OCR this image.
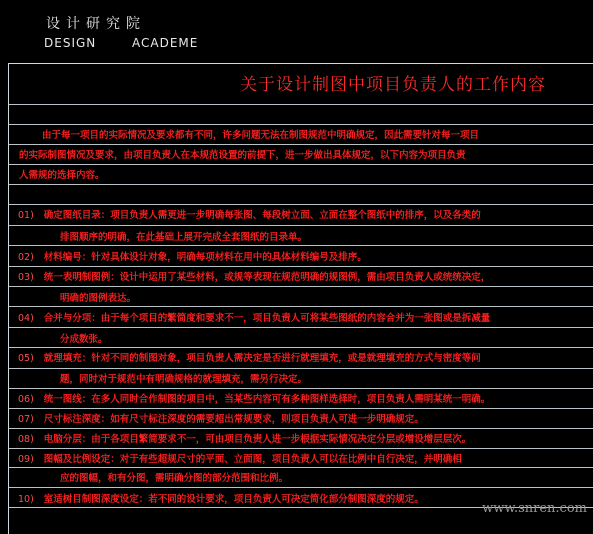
设计研究院
DESIGN	ACADEME
关于设计制图中项目负责人的工作内容
由于每一项目的实际情况及要求都有不同，许多问题无法在制图规范中明确规定，因此需要针对每一项目
的实际制图情况及要求，由项目负责人在本规范设置的前提下，进一步做出具体规定，以下内容为项目负责
人需规的选择内容。
01) 确定图纸目录：项目负责人需更进一步明确每张图、每段树立面、立面在整个图纸中的排序，以及各类的
排图顺序的明确，在此基础上展开完成全套图纸的目录单。
02) 材料编号：针对具体设计对象，明确每项材料在用中的具体材料编号及排序。
03) 统一表明制图例：设计中运用了某些材料，或规等表现在规范明确的规图例，需由项目负责人或统统决定，
明确的图例表达。
04) 合并与分项：由于每个项目的繁简度和要求不一，项目负责人可将某些图纸的内容合并为一张图或是拆减量
分成数张。
05) 就理填充：针对不同的制图对象，项目负责人需决定是否进行就理填充，或是就理填充的方式与密度等问
题，同时对于规范中有明确规格的就理填充，需另行决定。
06) 统一图线：在多人同时合作制图的项目中，当某些内容可有多种图样选择时，项目负责人需明某统一明确。
07) 尺寸标注深度：如有尺寸标注深度的需要超出常规要求，则项目负责人可进一步明确规定。
08) 电脑分层：由于各项目繁简要求不一，可由项目负责人进一步根据实际情况决定分层或增设增层层次。
09) 图幅及比例设定：对于有些超规尺寸的平面、立面图，项目负责人可以在比例中自行决定，并明确相
应的图幅，和有分图，需明确分图的部分范围和比例。
10) 室适树目制图深度设定：若不同的设计要求，项目负责人可决定简化部分制图深度的规定。
www.snren.com
